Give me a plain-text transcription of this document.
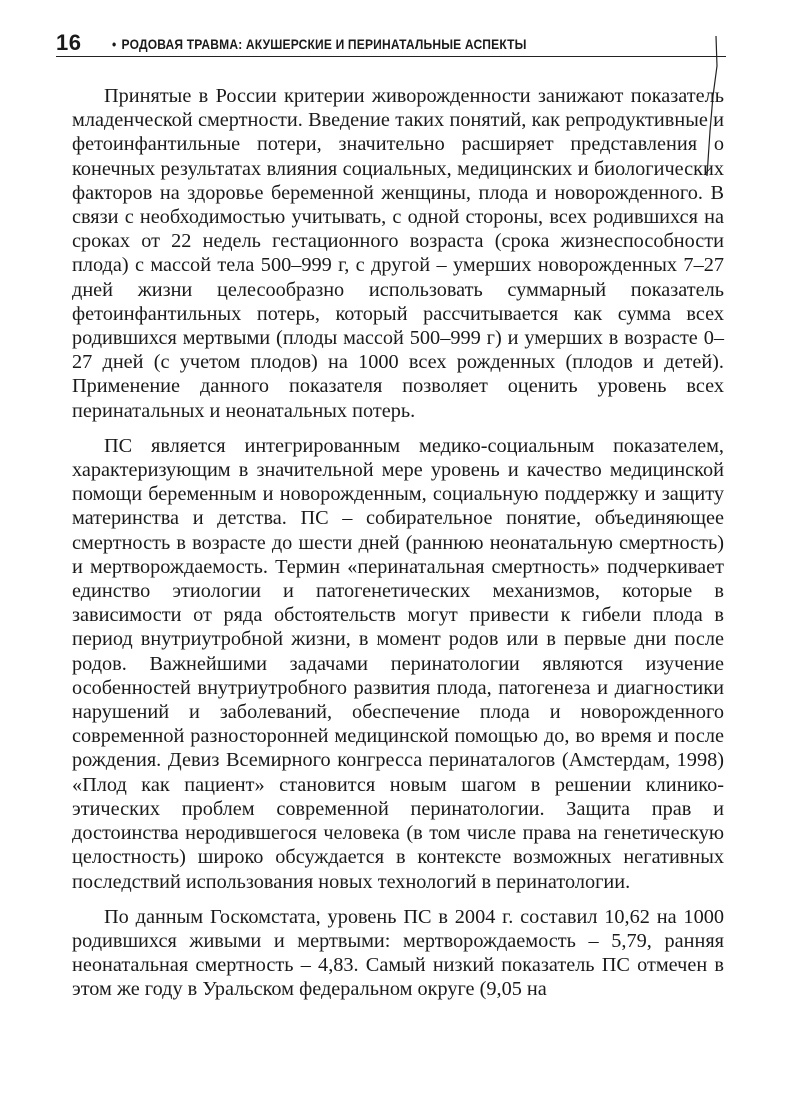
16 • РОДОВАЯ ТРАВМА: АКУШЕРСКИЕ И ПЕРИНАТАЛЬНЫЕ АСПЕКТЫ

Принятые в России критерии живорожденности занижают показатель младенческой смертности. Введение таких понятий, как репродуктивные и фетоинфантильные потери, значительно расширяет представления о конечных результатах влияния социальных, медицинских и биологических факторов на здоровье беременной женщины, плода и новорожденного. В связи с необходимостью учитывать, с одной стороны, всех родившихся на сроках от 22 недель гестационного возраста (срока жизнеспособности плода) с массой тела 500–999 г, с другой – умерших новорожденных 7–27 дней жизни целесообразно использовать суммарный показатель фетоинфантильных потерь, который рассчитывается как сумма всех родившихся мертвыми (плоды массой 500–999 г) и умерших в возрасте 0–27 дней (с учетом плодов) на 1000 всех рожденных (плодов и детей). Применение данного показателя позволяет оценить уровень всех перинатальных и неонатальных потерь.

ПС является интегрированным медико-социальным показателем, характеризующим в значительной мере уровень и качество медицинской помощи беременным и новорожденным, социальную поддержку и защиту материнства и детства. ПС – собирательное понятие, объединяющее смертность в возрасте до шести дней (раннюю неонатальную смертность) и мертворождаемость. Термин «перинатальная смертность» подчеркивает единство этиологии и патогенетических механизмов, которые в зависимости от ряда обстоятельств могут привести к гибели плода в период внутриутробной жизни, в момент родов или в первые дни после родов. Важнейшими задачами перинатологии являются изучение особенностей внутриутробного развития плода, патогенеза и диагностики нарушений и заболеваний, обеспечение плода и новорожденного современной разносторонней медицинской помощью до, во время и после рождения. Девиз Всемирного конгресса перинаталогов (Амстердам, 1998) «Плод как пациент» становится новым шагом в решении клинико-этических проблем современной перинатологии. Защита прав и достоинства неродившегося человека (в том числе права на генетическую целостность) широко обсуждается в контексте возможных негативных последствий использования новых технологий в перинатологии.

По данным Госкомстата, уровень ПС в 2004 г. составил 10,62 на 1000 родившихся живыми и мертвыми: мертворождаемость – 5,79, ранняя неонатальная смертность – 4,83. Самый низкий показатель ПС отмечен в этом же году в Уральском федеральном округе (9,05 на
